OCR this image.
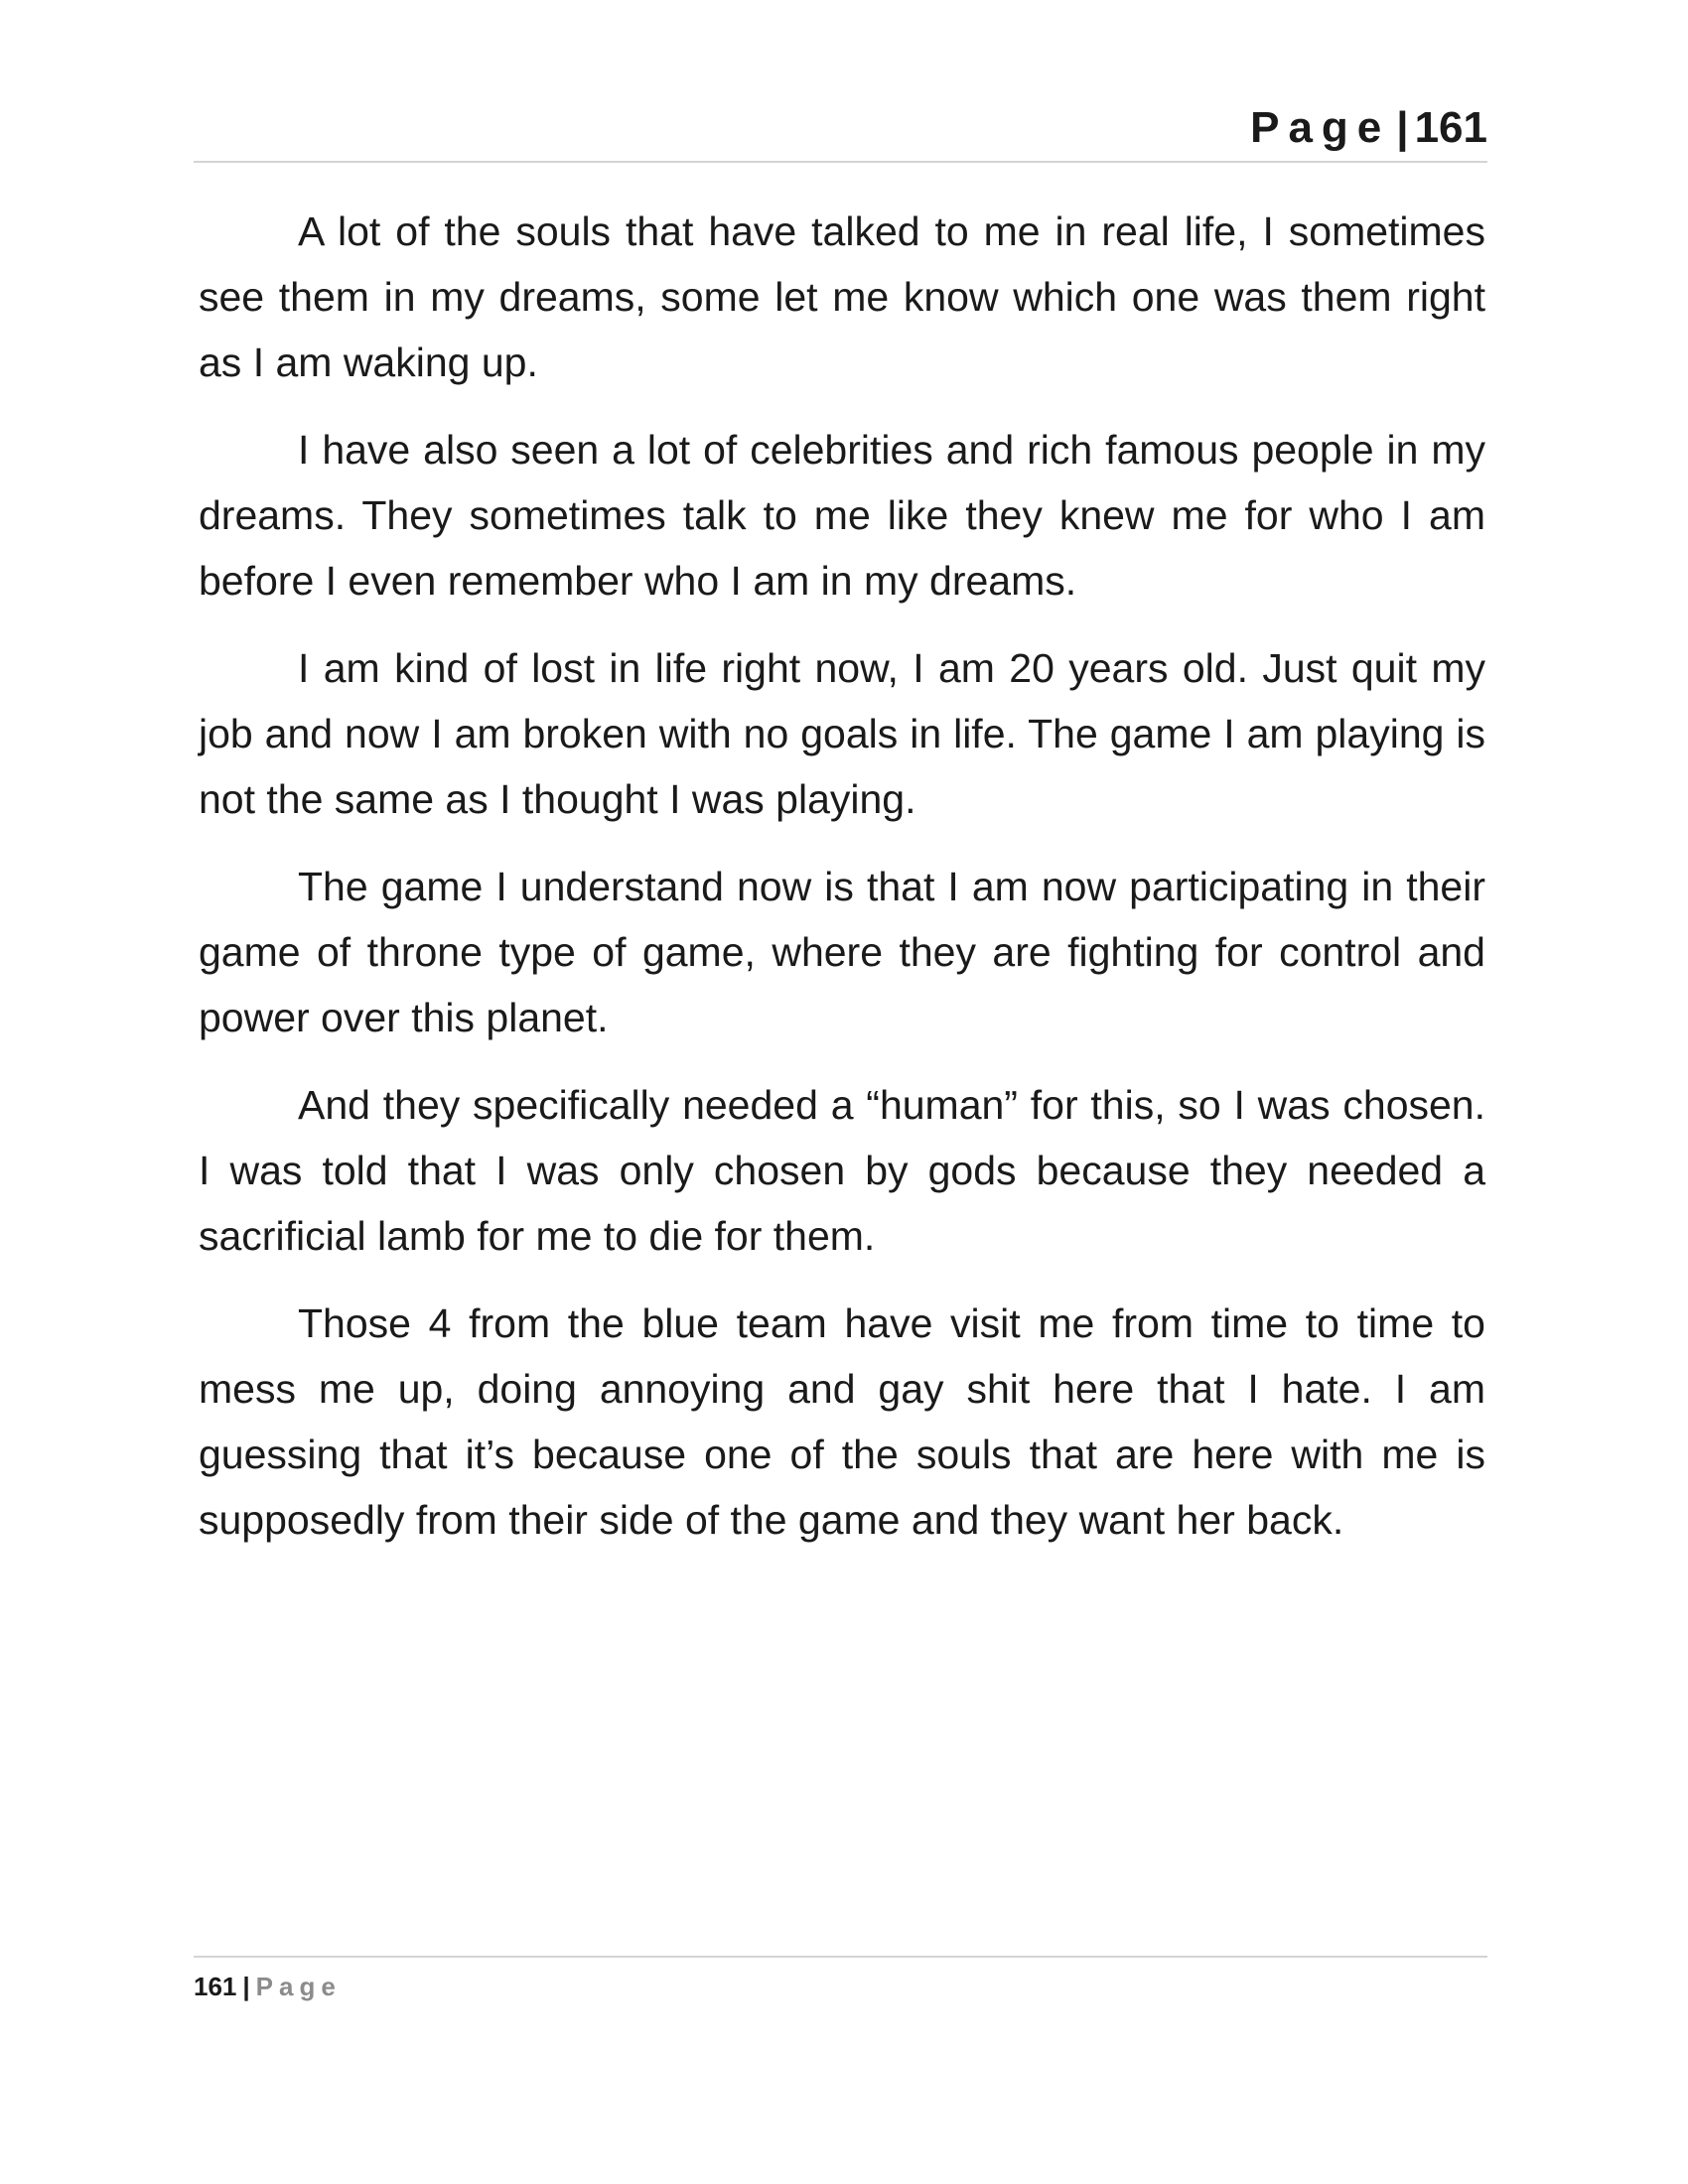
Page | 161

A lot of the souls that have talked to me in real life, I sometimes see them in my dreams, some let me know which one was them right as I am waking up.

I have also seen a lot of celebrities and rich famous people in my dreams. They sometimes talk to me like they knew me for who I am before I even remember who I am in my dreams.

I am kind of lost in life right now, I am 20 years old. Just quit my job and now I am broken with no goals in life. The game I am playing is not the same as I thought I was playing.

The game I understand now is that I am now participating in their game of throne type of game, where they are fighting for control and power over this planet.

And they specifically needed a “human” for this, so I was chosen. I was told that I was only chosen by gods because they needed a sacrificial lamb for me to die for them.

Those 4 from the blue team have visit me from time to time to mess me up, doing annoying and gay shit here that I hate. I am guessing that it’s because one of the souls that are here with me is supposedly from their side of the game and they want her back.

161 | Page
